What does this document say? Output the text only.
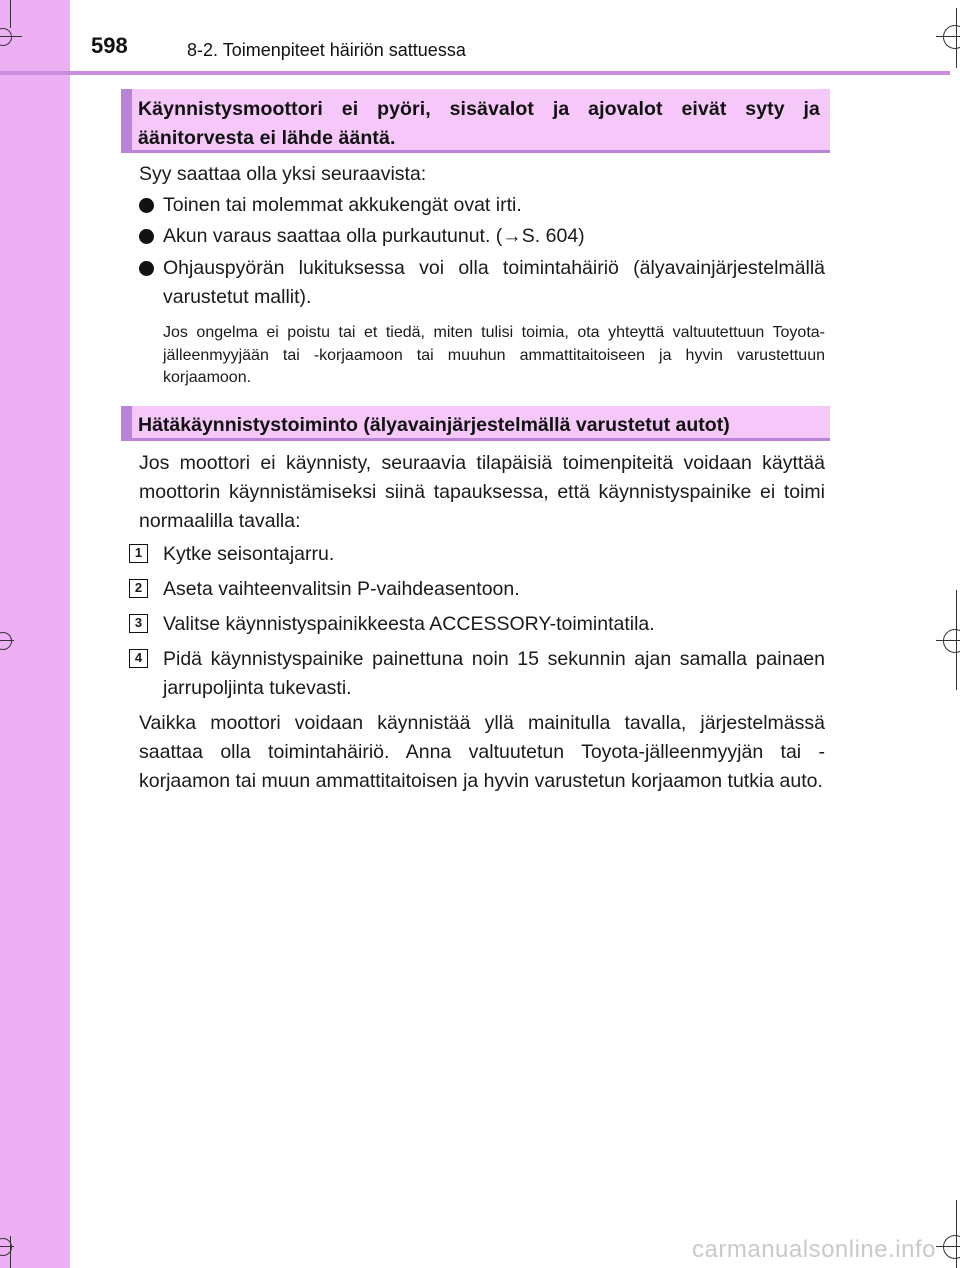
598	8-2. Toimenpiteet häiriön sattuessa
Käynnistysmoottori ei pyöri, sisävalot ja ajovalot eivät syty ja
äänitorvesta ei lähde ääntä.
Syy saattaa olla yksi seuraavista:
Toinen tai molemmat akkukengät ovat irti.
Akun varaus saattaa olla purkautunut. (→S. 604)
Ohjauspyörän lukituksessa voi olla toimintahäiriö (älyavainjärjestelmällä varustetut mallit).
Jos ongelma ei poistu tai et tiedä, miten tulisi toimia, ota yhteyttä valtuutettuun Toyota-jälleenmyyjään tai -korjaamoon tai muuhun ammattitaitoiseen ja hyvin varustettuun korjaamoon.
Hätäkäynnistystoiminto (älyavainjärjestelmällä varustetut autot)
Jos moottori ei käynnisty, seuraavia tilapäisiä toimenpiteitä voidaan käyttää moottorin käynnistämiseksi siinä tapauksessa, että käynnistyspainike ei toimi normaalilla tavalla:
1	Kytke seisontajarru.
2	Aseta vaihteenvalitsin P-vaihdeasentoon.
3	Valitse käynnistyspainikkeesta ACCESSORY-toimintatila.
4	Pidä käynnistyspainike painettuna noin 15 sekunnin ajan samalla painaen jarrupoljinta tukevasti.
Vaikka moottori voidaan käynnistää yllä mainitulla tavalla, järjestelmässä saattaa olla toimintahäiriö. Anna valtuutetun Toyota-jälleenmyyjän tai -korjaamon tai muun ammattitaitoisen ja hyvin varustetun korjaamon tutkia auto.
carmanualsonline.info
